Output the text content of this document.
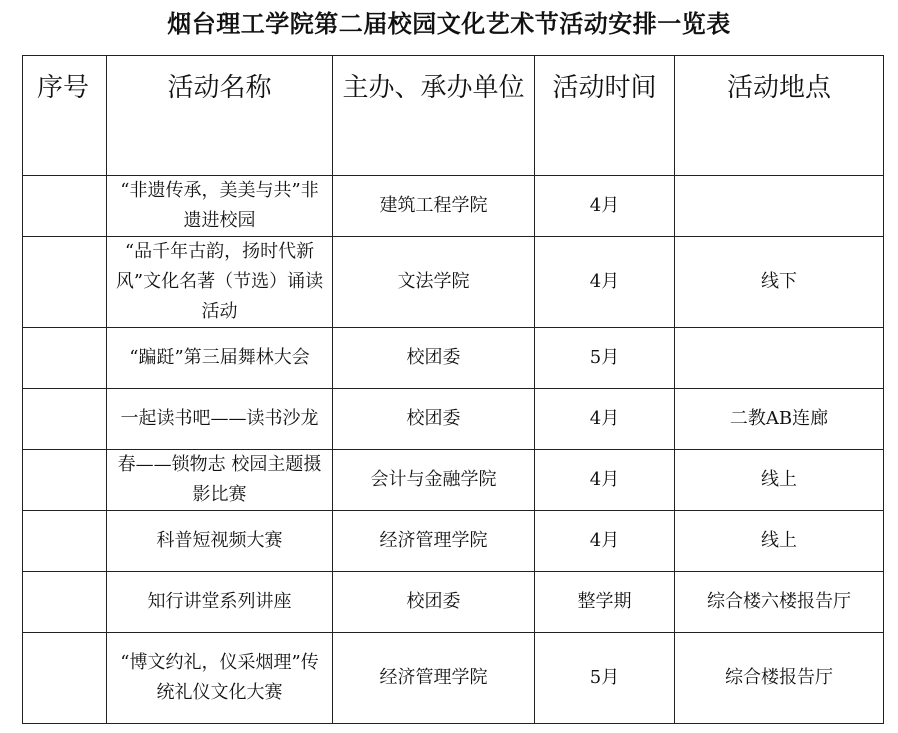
烟台理工学院第二届校园文化艺术节活动安排一览表
序号	活动名称	主办、承办单位	活动时间	活动地点
	“非遗传承，美美与共”非遗进校园	建筑工程学院	4月	
	“品千年古韵，扬时代新风”文化名著（节选）诵读活动	文法学院	4月	线下
	“蹁跹”第三届舞林大会	校团委	5月	
	一起读书吧——读书沙龙	校团委	4月	二教AB连廊
	春——锁物志 校园主题摄影比赛	会计与金融学院	4月	线上
	科普短视频大赛	经济管理学院	4月	线上
	知行讲堂系列讲座	校团委	整学期	综合楼六楼报告厅
	“博文约礼，仪采烟理”传统礼仪文化大赛	经济管理学院	5月	综合楼报告厅
